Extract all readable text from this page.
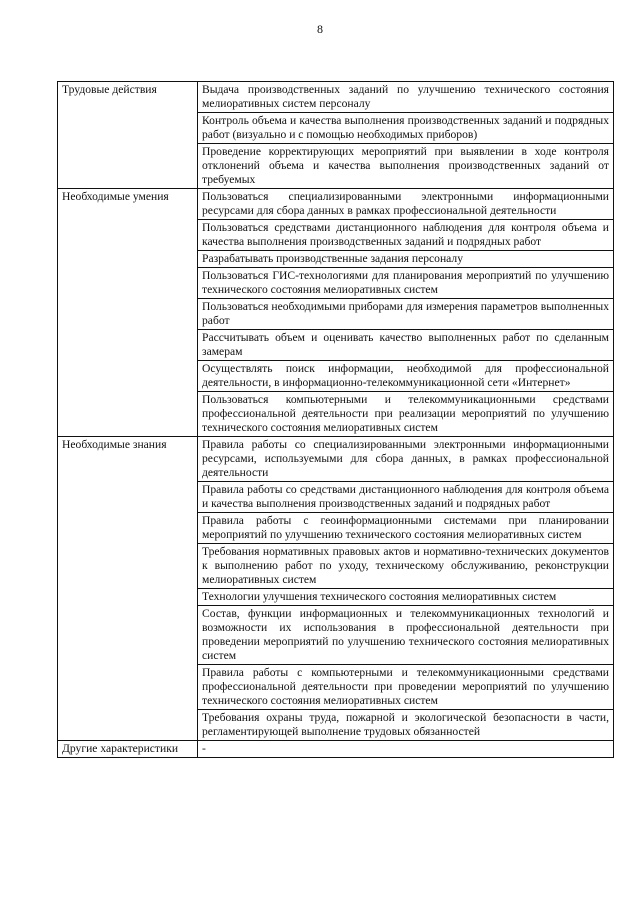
8
Трудовые действия	Выдача производственных заданий по улучшению технического состояния мелиоративных систем персоналу
	Контроль объема и качества выполнения производственных заданий и подрядных работ (визуально и с помощью необходимых приборов)
	Проведение корректирующих мероприятий при выявлении в ходе контроля отклонений объема и качества выполнения производственных заданий от требуемых
Необходимые умения	Пользоваться специализированными электронными информационными ресурсами для сбора данных в рамках профессиональной деятельности
	Пользоваться средствами дистанционного наблюдения для контроля объема и качества выполнения производственных заданий и подрядных работ
	Разрабатывать производственные задания персоналу
	Пользоваться ГИС-технологиями для планирования мероприятий по улучшению технического состояния мелиоративных систем
	Пользоваться необходимыми приборами для измерения параметров выполненных работ
	Рассчитывать объем и оценивать качество выполненных работ по сделанным замерам
	Осуществлять поиск информации, необходимой для профессиональной деятельности, в информационно-телекоммуникационной сети «Интернет»
	Пользоваться компьютерными и телекоммуникационными средствами профессиональной деятельности при реализации мероприятий по улучшению технического состояния мелиоративных систем
Необходимые знания	Правила работы со специализированными электронными информационными ресурсами, используемыми для сбора данных, в рамках профессиональной деятельности
	Правила работы со средствами дистанционного наблюдения для контроля объема и качества выполнения производственных заданий и подрядных работ
	Правила работы с геоинформационными системами при планировании мероприятий по улучшению технического состояния мелиоративных систем
	Требования нормативных правовых актов и нормативно-технических документов к выполнению работ по уходу, техническому обслуживанию, реконструкции мелиоративных систем
	Технологии улучшения технического состояния мелиоративных систем
	Состав, функции информационных и телекоммуникационных технологий и возможности их использования в профессиональной деятельности при проведении мероприятий по улучшению технического состояния мелиоративных систем
	Правила работы с компьютерными и телекоммуникационными средствами профессиональной деятельности при проведении мероприятий по улучшению технического состояния мелиоративных систем
	Требования охраны труда, пожарной и экологической безопасности в части, регламентирующей выполнение трудовых обязанностей
Другие характеристики	-
